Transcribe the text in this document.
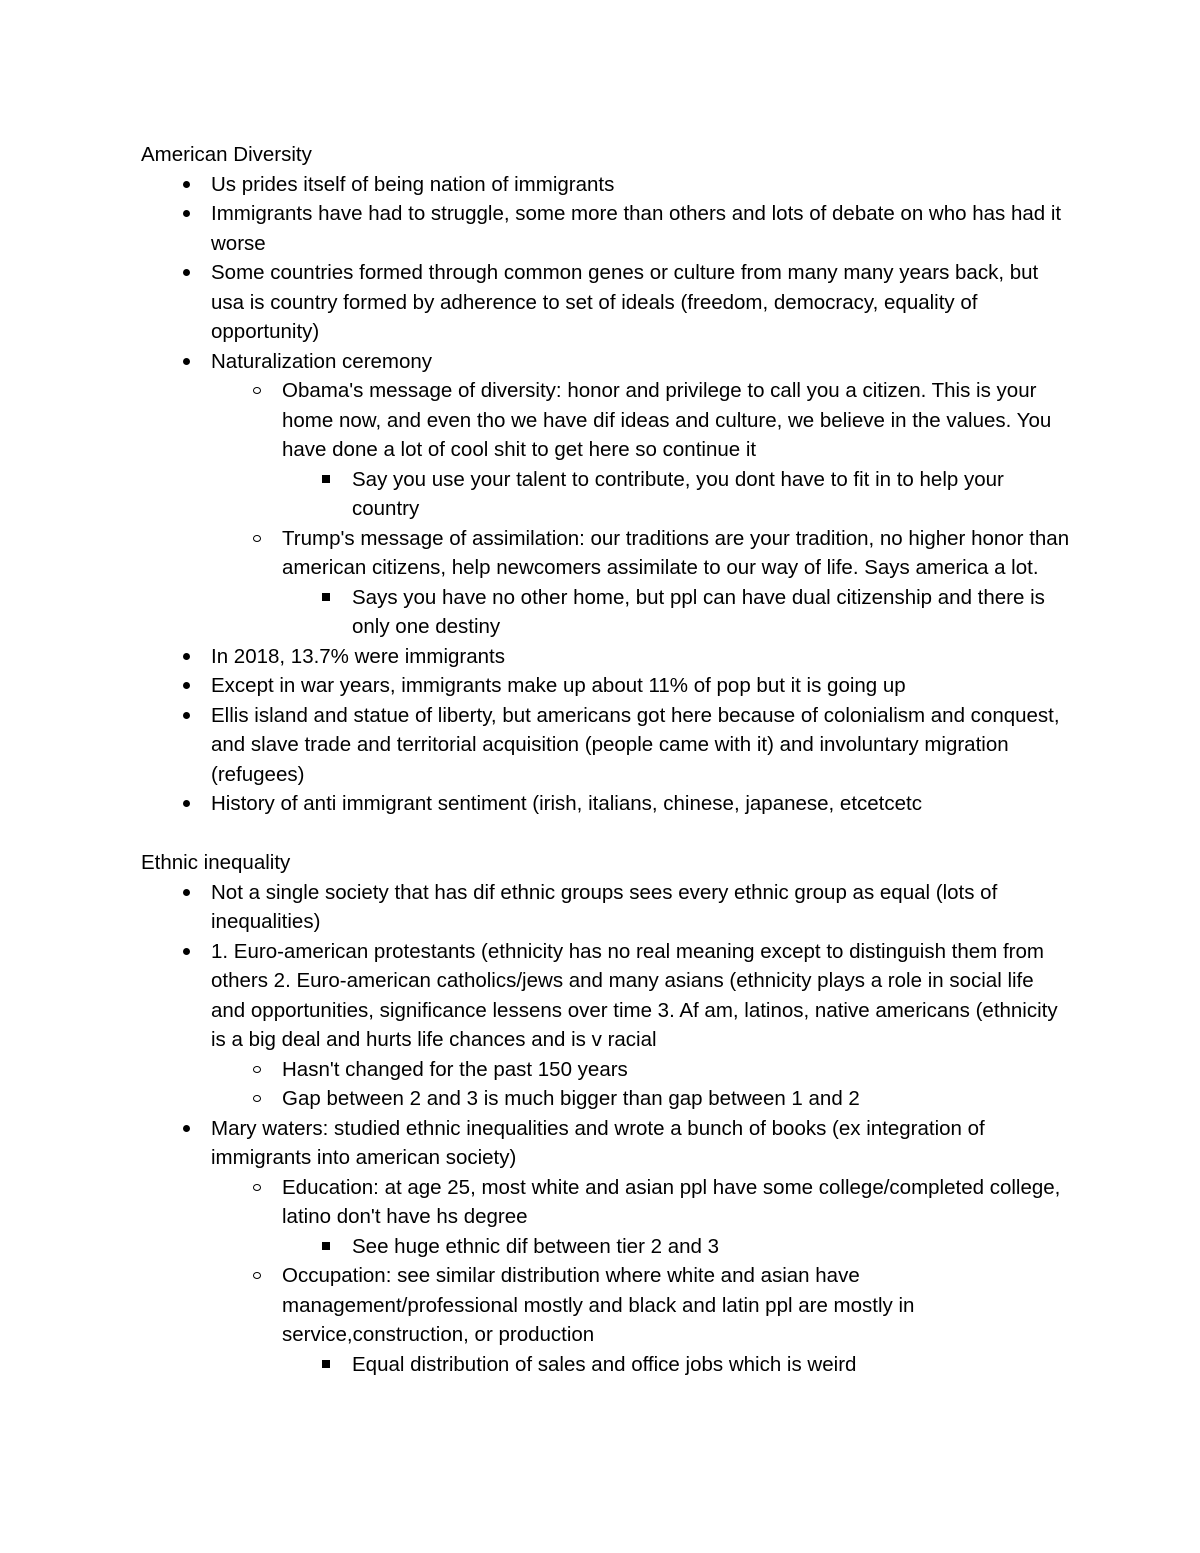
American Diversity
Us prides itself of being nation of immigrants
Immigrants have had to struggle, some more than others and lots of debate on who has had it worse
Some countries formed through common genes or culture from many many years back, but usa is country formed by adherence to set of ideals (freedom, democracy, equality of opportunity)
Naturalization ceremony
Obama's message of diversity: honor and privilege to call you a citizen. This is your home now, and even tho we have dif ideas and culture, we believe in the values. You have done a lot of cool shit to get here so continue it
Say you use your talent to contribute, you dont have to fit in to help your country
Trump's message of assimilation: our traditions are your tradition, no higher honor than american citizens, help newcomers assimilate to our way of life. Says america a lot.
Says you have no other home, but ppl can have dual citizenship and there is only one destiny
In 2018, 13.7% were immigrants
Except in war years, immigrants make up about 11% of pop but it is going up
Ellis island and statue of liberty, but americans got here because of colonialism and conquest, and slave trade and territorial acquisition (people came with it) and involuntary migration (refugees)
History of anti immigrant sentiment (irish, italians, chinese, japanese, etcetcetc
Ethnic inequality
Not a single society that has dif ethnic groups sees every ethnic group as equal (lots of inequalities)
1. Euro-american protestants (ethnicity has no real meaning except to distinguish them from others 2. Euro-american catholics/jews and many asians (ethnicity plays a role in social life and opportunities, significance lessens over time 3. Af am, latinos, native americans (ethnicity is a big deal and hurts life chances and is v racial
Hasn't changed for the past 150 years
Gap between 2 and 3 is much bigger than gap between 1 and 2
Mary waters: studied ethnic inequalities and wrote a bunch of books (ex integration of immigrants into american society)
Education: at age 25, most white and asian ppl have some college/completed college, latino don't have hs degree
See huge ethnic dif between tier 2 and 3
Occupation: see similar distribution where white and asian have management/professional mostly and black and latin ppl are mostly in service,construction, or production
Equal distribution of sales and office jobs which is weird
